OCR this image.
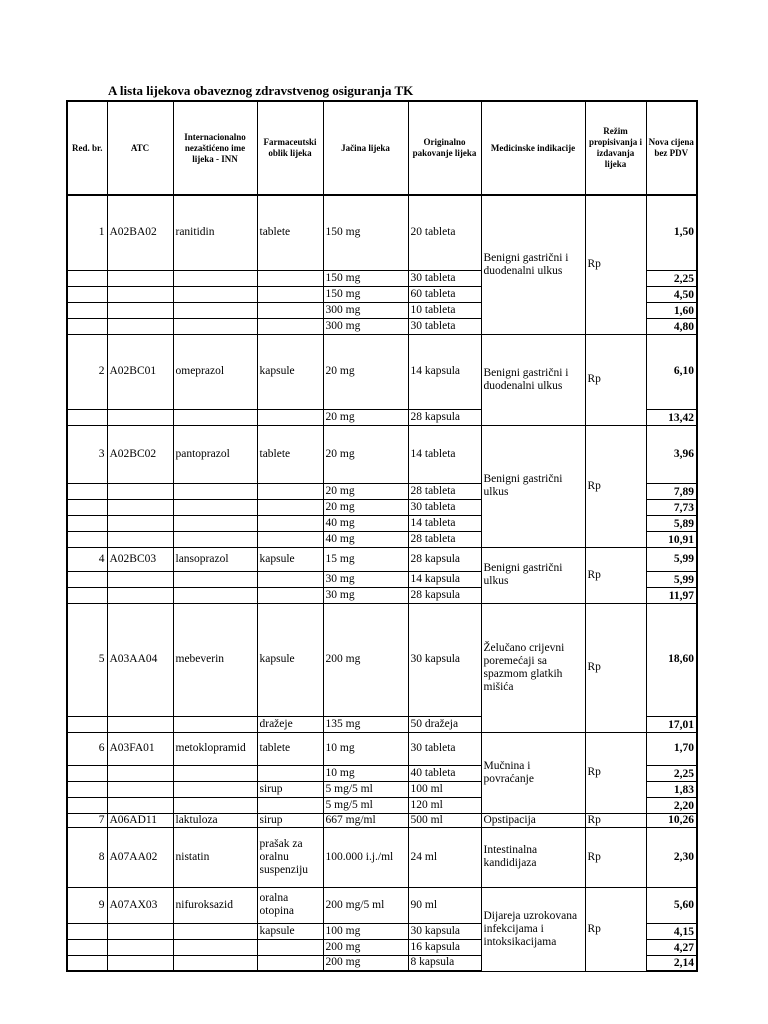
A lista lijekova obaveznog zdravstvenog osiguranja TK
Red. br.	ATC	Internacionalno nezaštićeno ime lijeka - INN	Farmaceutski oblik lijeka	Jačina lijeka	Originalno pakovanje lijeka	Medicinske indikacije	Režim propisivanja i izdavanja lijeka	Nova cijena bez PDV
1	A02BA02	ranitidin	tablete	150 mg	20 tableta	Benigni gastrični i duodenalni ulkus	Rp	1,50
				150 mg	30 tableta			2,25
				150 mg	60 tableta			4,50
				300 mg	10 tableta			1,60
				300 mg	30 tableta			4,80
2	A02BC01	omeprazol	kapsule	20 mg	14 kapsula	Benigni gastrični i duodenalni ulkus	Rp	6,10
				20 mg	28 kapsula			13,42
3	A02BC02	pantoprazol	tablete	20 mg	14 tableta	Benigni gastrični ulkus	Rp	3,96
				20 mg	28 tableta			7,89
				20 mg	30 tableta			7,73
				40 mg	14 tableta			5,89
				40 mg	28 tableta			10,91
4	A02BC03	lansoprazol	kapsule	15 mg	28 kapsula	Benigni gastrični ulkus	Rp	5,99
				30 mg	14 kapsula			5,99
				30 mg	28 kapsula			11,97
5	A03AA04	mebeverin	kapsule	200 mg	30 kapsula	Želučano crijevni poremećaji sa spazmom glatkih mišića	Rp	18,60
			dražeje	135 mg	50 dražeja			17,01
6	A03FA01	metoklopramid	tablete	10 mg	30 tableta	Mučnina i povraćanje	Rp	1,70
				10 mg	40 tableta			2,25
			sirup	5 mg/5 ml	100 ml			1,83
				5 mg/5 ml	120 ml			2,20
7	A06AD11	laktuloza	sirup	667 mg/ml	500 ml	Opstipacija	Rp	10,26
8	A07AA02	nistatin	prašak za oralnu suspenziju	100.000 i.j./ml	24 ml	Intestinalna kandidijaza	Rp	2,30
9	A07AX03	nifuroksazid	oralna otopina	200 mg/5 ml	90 ml	Dijareja uzrokovana infekcijama i intoksikacijama	Rp	5,60
			kapsule	100 mg	30 kapsula			4,15
				200 mg	16 kapsula			4,27
				200 mg	8 kapsula			2,14
